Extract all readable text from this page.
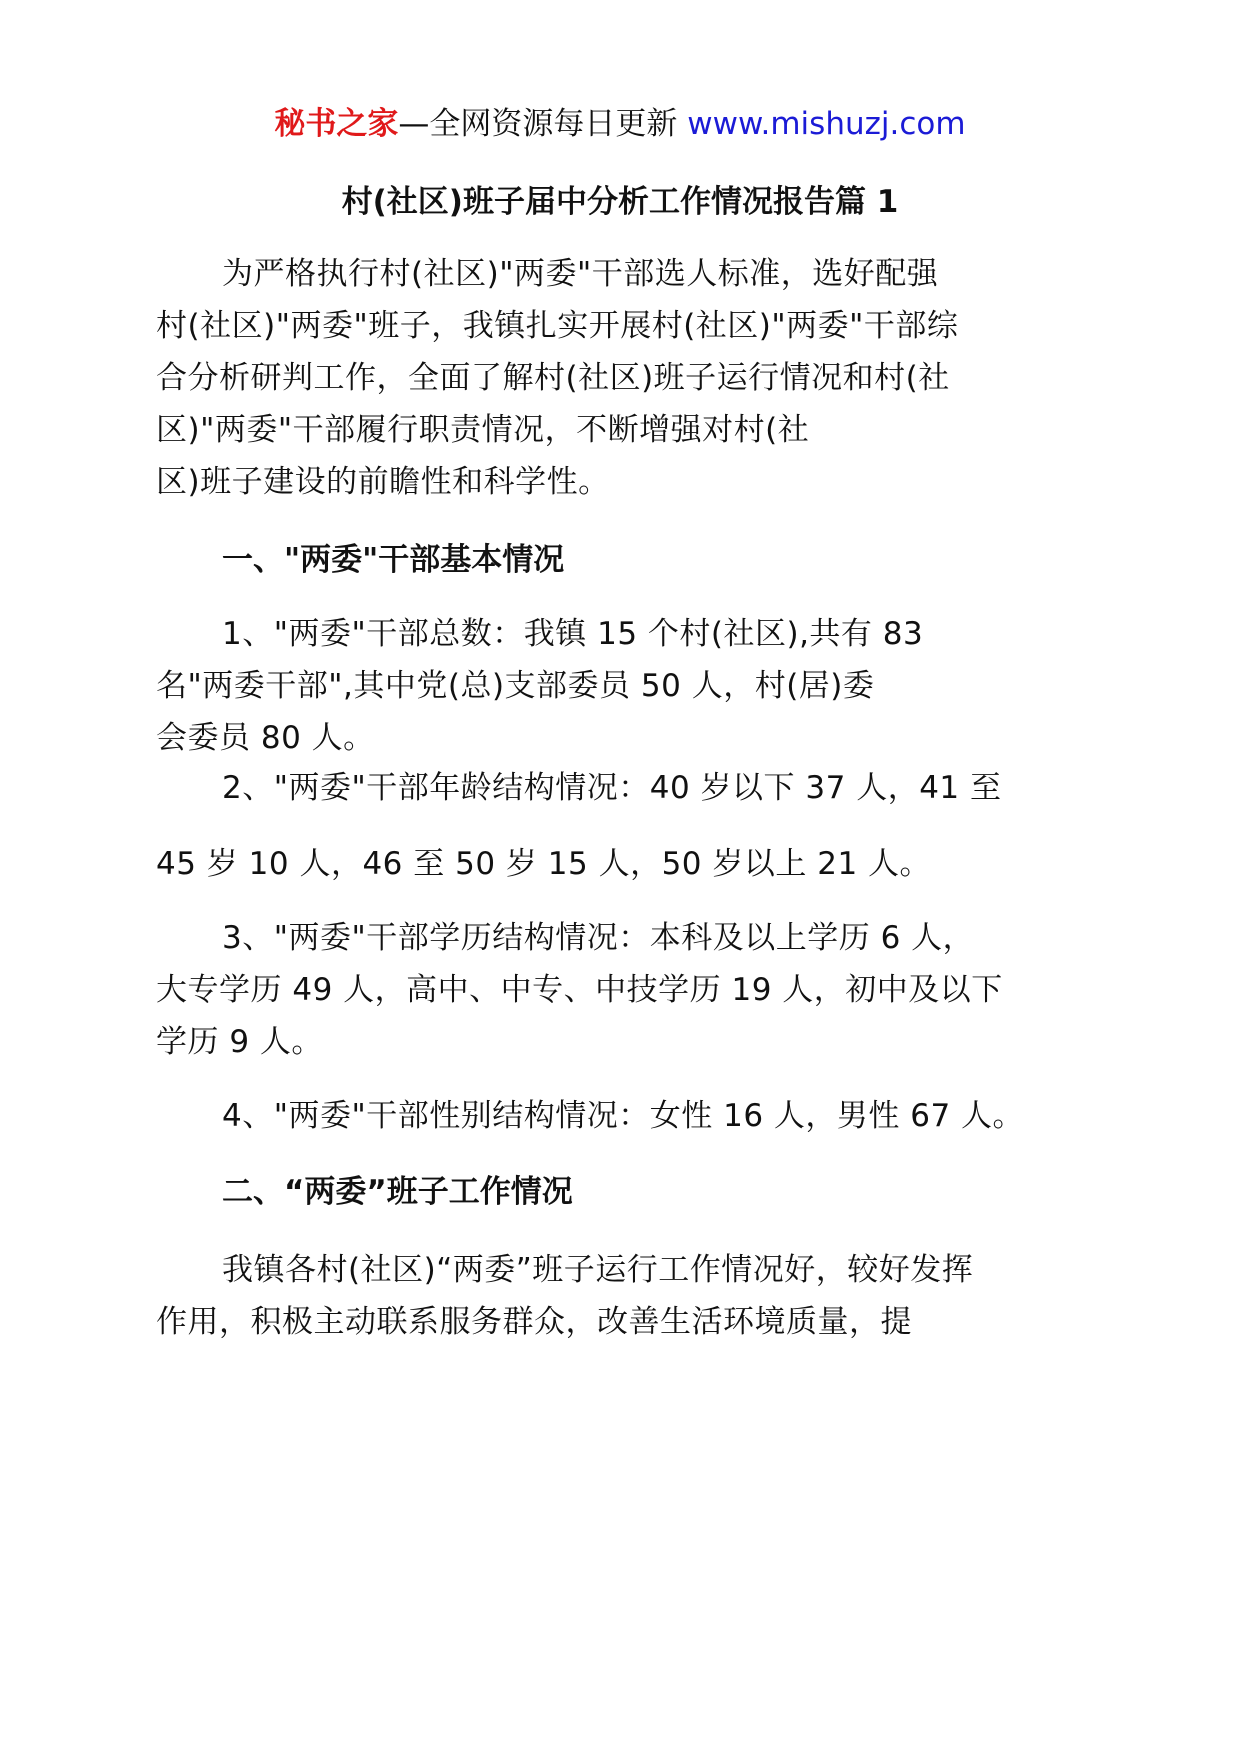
秘书之家—全网资源每日更新 www.mishuzj.com
村(社区)班子届中分析工作情况报告篇 1
为严格执行村(社区)"两委"干部选人标准，选好配强
村(社区)"两委"班子，我镇扎实开展村(社区)"两委"干部综
合分析研判工作，全面了解村(社区)班子运行情况和村(社
区)"两委"干部履行职责情况，不断增强对村(社
区)班子建设的前瞻性和科学性。
一、"两委"干部基本情况
1、"两委"干部总数：我镇 15 个村(社区),共有 83
名"两委干部",其中党(总)支部委员 50 人，村(居)委
会委员 80 人。
2、"两委"干部年龄结构情况：40 岁以下 37 人，41 至
45 岁 10 人，46 至 50 岁 15 人，50 岁以上 21 人。
3、"两委"干部学历结构情况：本科及以上学历 6 人，
大专学历 49 人，高中、中专、中技学历 19 人，初中及以下
学历 9 人。
4、"两委"干部性别结构情况：女性 16 人，男性 67 人。
二、“两委”班子工作情况
我镇各村(社区)“两委”班子运行工作情况好，较好发挥
作用，积极主动联系服务群众，改善生活环境质量，提
